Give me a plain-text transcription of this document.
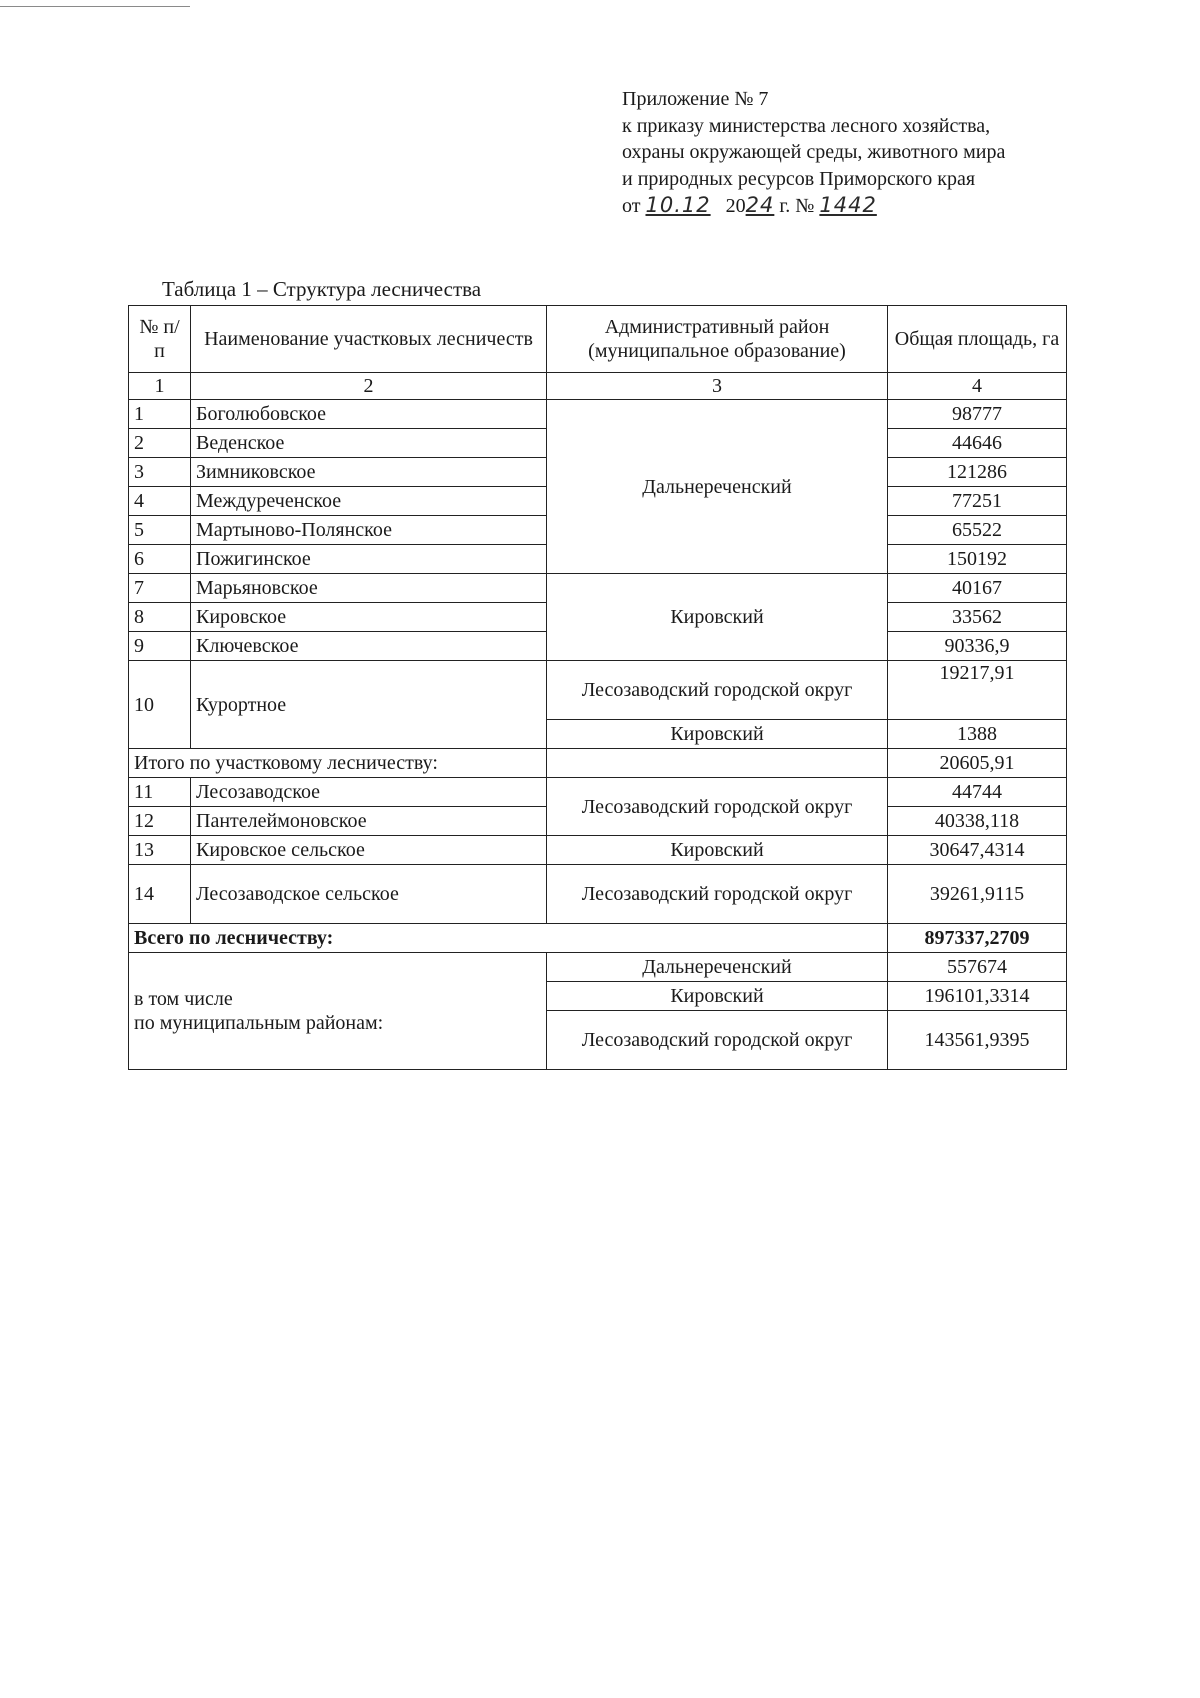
Приложение № 7
к приказу министерства лесного хозяйства,
охраны окружающей среды, животного мира
и природных ресурсов Приморского края
от 10.12 2024 г. № 1442
Таблица 1 – Структура лесничества
№ п/п	Наименование участковых лесничеств	Административный район (муниципальное образование)	Общая площадь, га
1	2	3	4
1	Боголюбовское	Дальнереченский	98777
2	Веденское		44646
3	Зимниковское		121286
4	Междуреченское		77251
5	Мартыново-Полянское		65522
6	Пожигинское		150192
7	Марьяновское	Кировский	40167
8	Кировское		33562
9	Ключевское		90336,9
10	Курортное	Лесозаводский городской округ	19217,91
		Кировский	1388
Итого по участковому лесничеству:			20605,91
11	Лесозаводское	Лесозаводский городской округ	44744
12	Пантелеймоновское		40338,118
13	Кировское сельское	Кировский	30647,4314
14	Лесозаводское сельское	Лесозаводский городской округ	39261,9115
Всего по лесничеству:			897337,2709

в том числе
по муниципальным районам:		Дальнереченский	557674
		Кировский	196101,3314
		Лесозаводский городской округ	143561,9395
